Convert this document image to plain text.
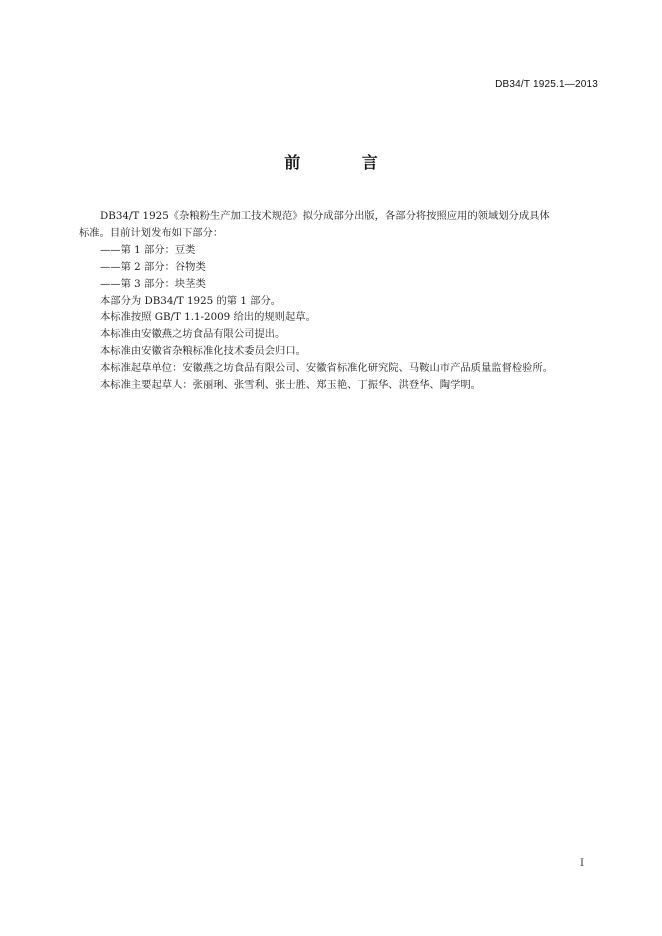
DB34/T 1925.1—2013
前 言

DB34/T 1925《杂粮粉生产加工技术规范》拟分成部分出版，各部分将按照应用的领域划分成具体

标准。目前计划发布如下部分：

——第 1 部分：豆类

——第 2 部分：谷物类

——第 3 部分：块茎类

本部分为 DB34/T 1925 的第 1 部分。

本标准按照 GB/T 1.1-2009 给出的规则起草。

本标准由安徽燕之坊食品有限公司提出。

本标准由安徽省杂粮标准化技术委员会归口。

本标准起草单位：安徽燕之坊食品有限公司、安徽省标准化研究院、马鞍山市产品质量监督检验所。

本标准主要起草人：张丽琍、张雪利、张士胜、郑玉艳、丁振华、洪登华、陶学明。

I
